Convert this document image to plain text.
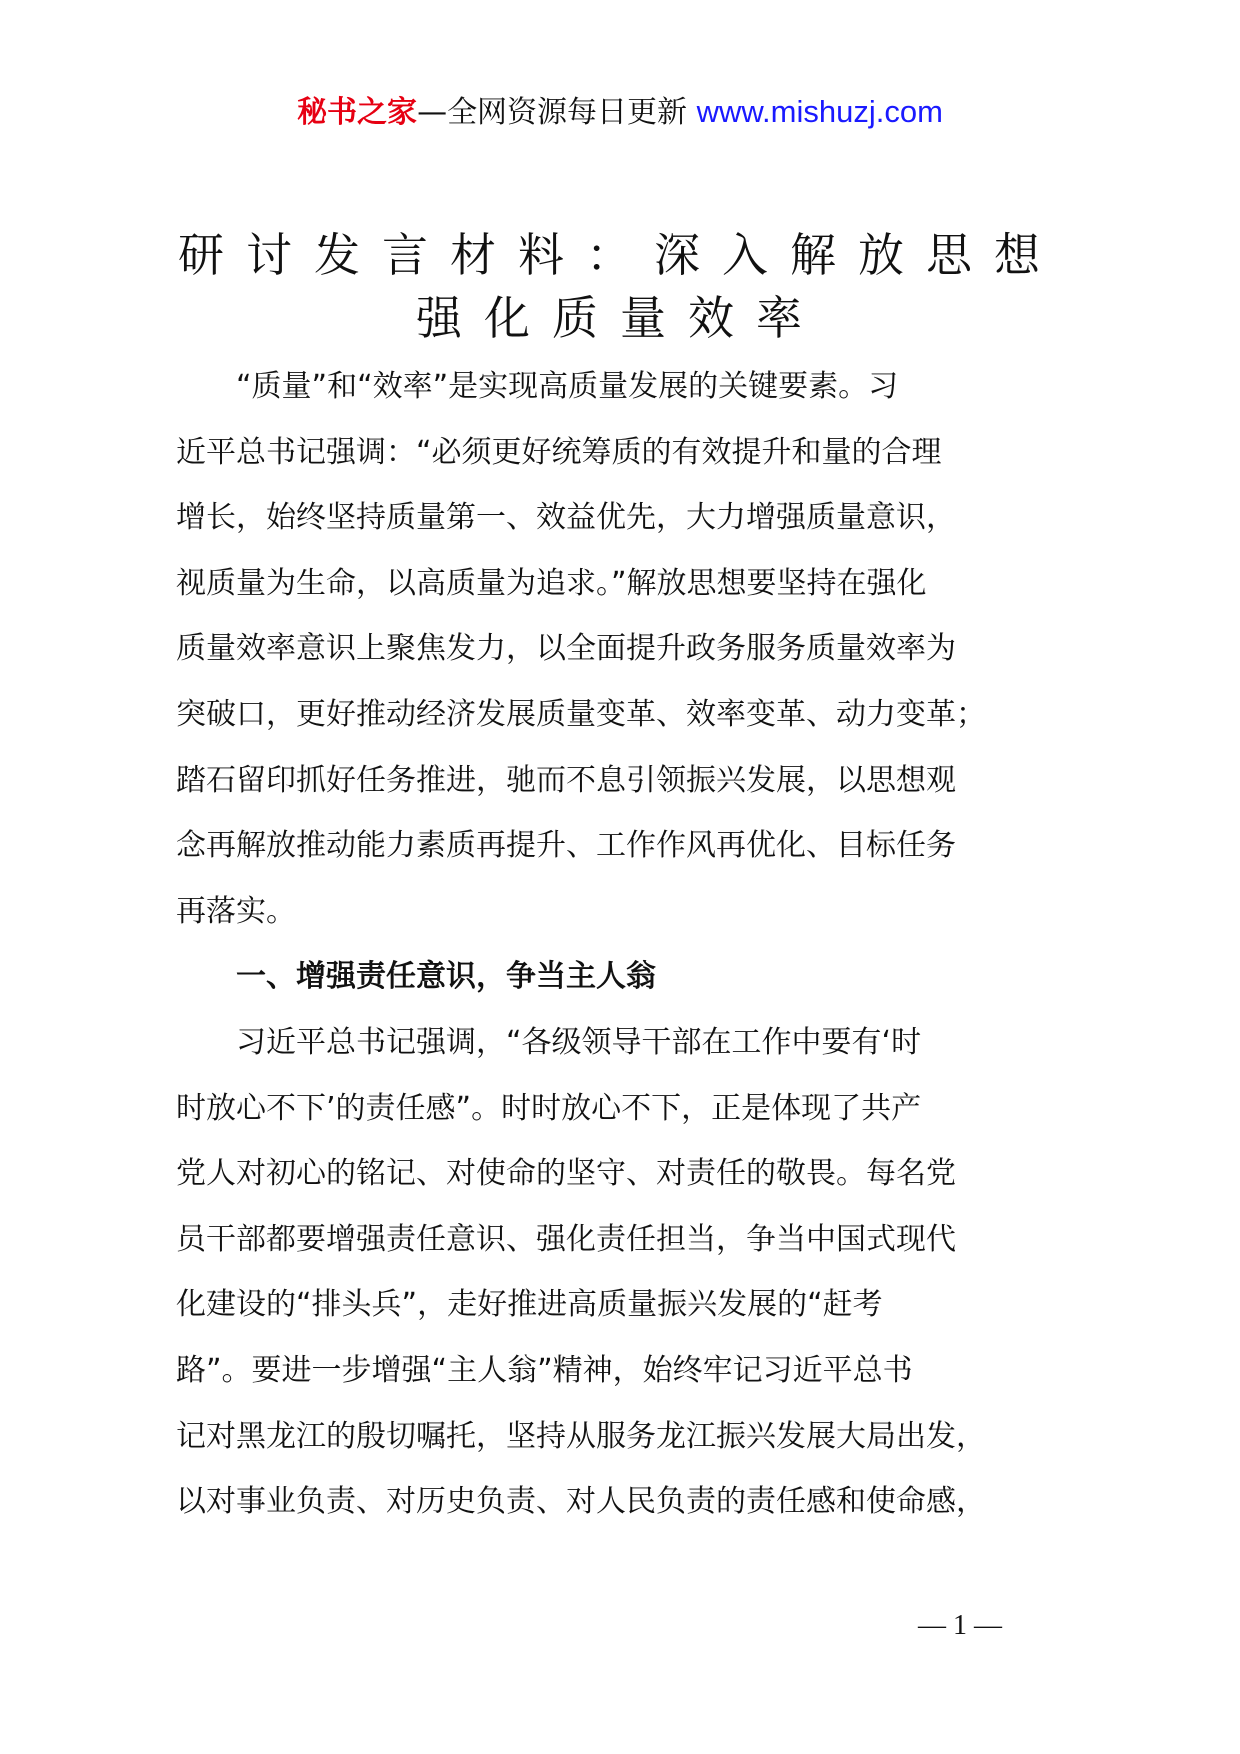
秘书之家—全网资源每日更新 www.mishuzj.com
研讨发言材料：深入解放思想
强化质量效率
“质量”和“效率”是实现高质量发展的关键要素。习
近平总书记强调：“必须更好统筹质的有效提升和量的合理
增长，始终坚持质量第一、效益优先，大力增强质量意识，
视质量为生命，以高质量为追求。”解放思想要坚持在强化
质量效率意识上聚焦发力，以全面提升政务服务质量效率为
突破口，更好推动经济发展质量变革、效率变革、动力变革；
踏石留印抓好任务推进，驰而不息引领振兴发展，以思想观
念再解放推动能力素质再提升、工作作风再优化、目标任务
再落实。
一、增强责任意识，争当主人翁
习近平总书记强调，“各级领导干部在工作中要有‘时
时放心不下’的责任感”。时时放心不下，正是体现了共产
党人对初心的铭记、对使命的坚守、对责任的敬畏。每名党
员干部都要增强责任意识、强化责任担当，争当中国式现代
化建设的“排头兵”，走好推进高质量振兴发展的“赶考
路”。要进一步增强“主人翁”精神，始终牢记习近平总书
记对黑龙江的殷切嘱托，坚持从服务龙江振兴发展大局出发，
以对事业负责、对历史负责、对人民负责的责任感和使命感，
— 1 —
